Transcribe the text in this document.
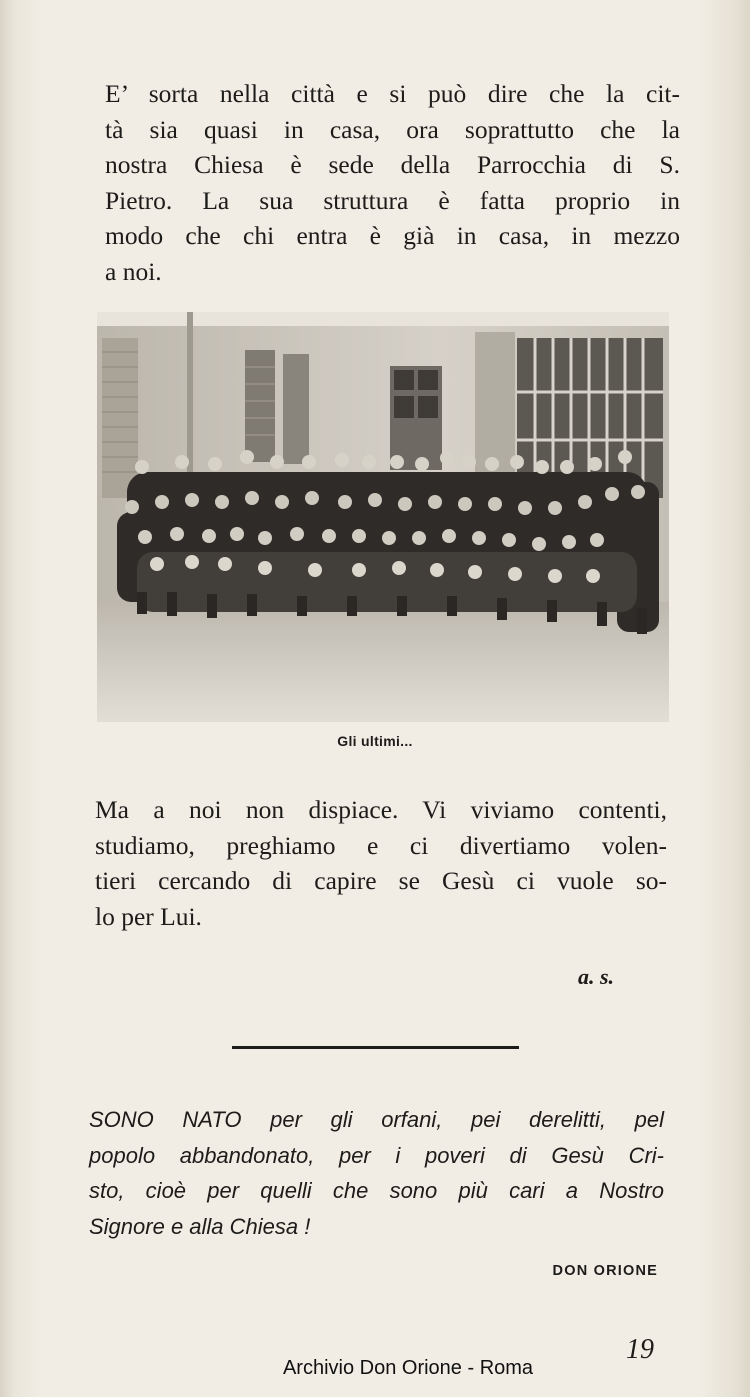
E’ sorta nella città e si può dire che la cit-
tà sia quasi in casa, ora soprattutto che la
nostra Chiesa è sede della Parrocchia di S.
Pietro. La sua struttura è fatta proprio in
modo che chi entra è già in casa, in mezzo
a noi.

Gli ultimi...

Ma a noi non dispiace. Vi viviamo contenti,
studiamo, preghiamo e ci divertiamo volen-
tieri cercando di capire se Gesù ci vuole so-
lo per Lui.

a. s.

SONO NATO per gli orfani, pei derelitti, pel
popolo abbandonato, per i poveri di Gesù Cri-
sto, cioè per quelli che sono più cari a Nostro
Signore e alla Chiesa !

DON ORIONE
19
Archivio Don Orione - Roma
